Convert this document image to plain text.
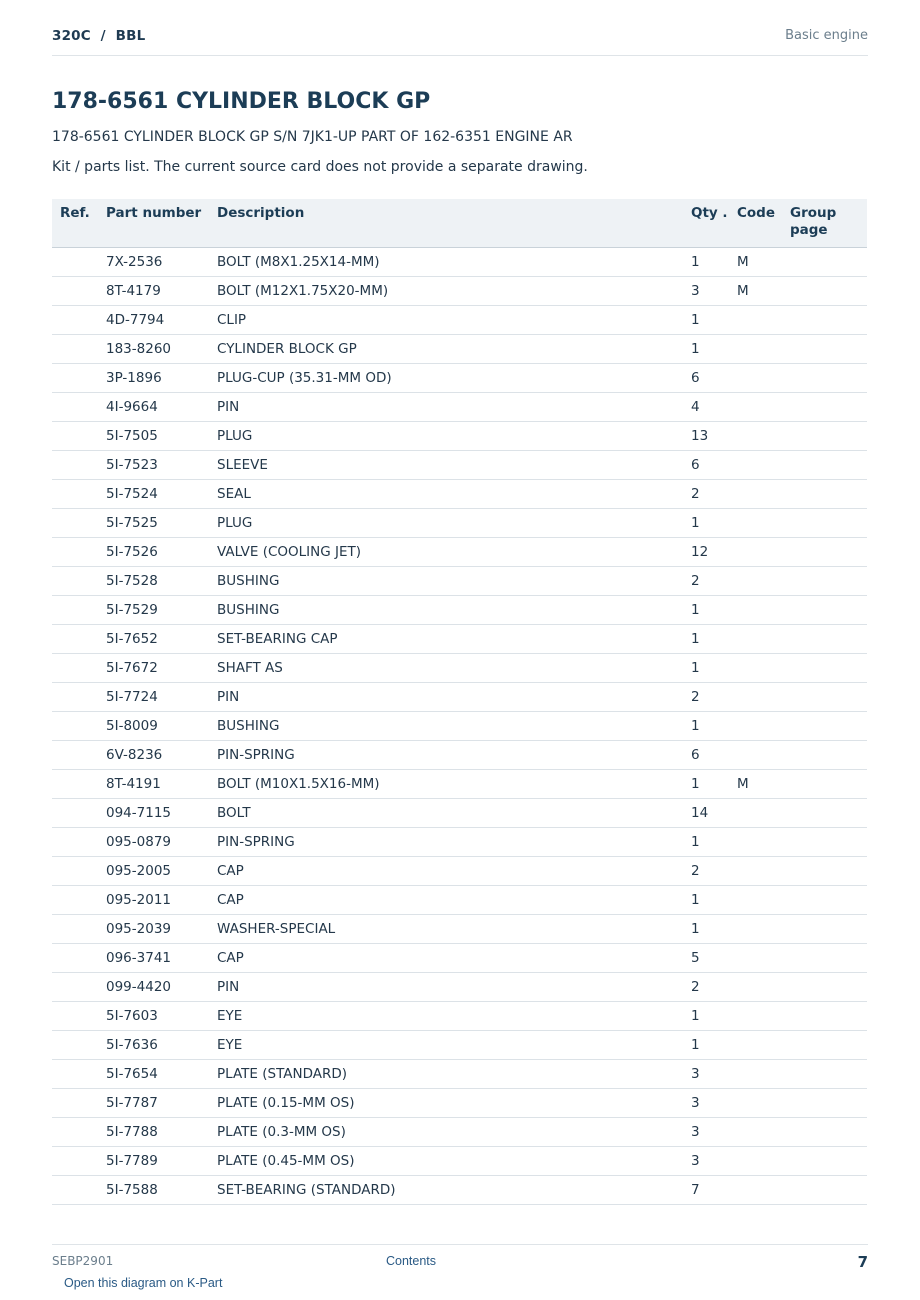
320C  /  BBL	Basic engine
178-6561 CYLINDER BLOCK GP
178-6561 CYLINDER BLOCK GP S/N 7JK1-UP PART OF 162-6351 ENGINE AR
Kit / parts list. The current source card does not provide a separate drawing.
Ref.	Part number	Description	Qty .	Code	Group page
	7X-2536	BOLT (M8X1.25X14-MM)	1	M	
	8T-4179	BOLT (M12X1.75X20-MM)	3	M	
	4D-7794	CLIP	1		
	183-8260	CYLINDER BLOCK GP	1		
	3P-1896	PLUG-CUP (35.31-MM OD)	6		
	4I-9664	PIN	4		
	5I-7505	PLUG	13		
	5I-7523	SLEEVE	6		
	5I-7524	SEAL	2		
	5I-7525	PLUG	1		
	5I-7526	VALVE (COOLING JET)	12		
	5I-7528	BUSHING	2		
	5I-7529	BUSHING	1		
	5I-7652	SET-BEARING CAP	1		
	5I-7672	SHAFT AS	1		
	5I-7724	PIN	2		
	5I-8009	BUSHING	1		
	6V-8236	PIN-SPRING	6		
	8T-4191	BOLT (M10X1.5X16-MM)	1	M	
	094-7115	BOLT	14		
	095-0879	PIN-SPRING	1		
	095-2005	CAP	2		
	095-2011	CAP	1		
	095-2039	WASHER-SPECIAL	1		
	096-3741	CAP	5		
	099-4420	PIN	2		
	5I-7603	EYE	1		
	5I-7636	EYE	1		
	5I-7654	PLATE (STANDARD)	3		
	5I-7787	PLATE (0.15-MM OS)	3		
	5I-7788	PLATE (0.3-MM OS)	3		
	5I-7789	PLATE (0.45-MM OS)	3		
	5I-7588	SET-BEARING (STANDARD)	7		
SEBP2901	Contents	7
Open this diagram on K-Part
